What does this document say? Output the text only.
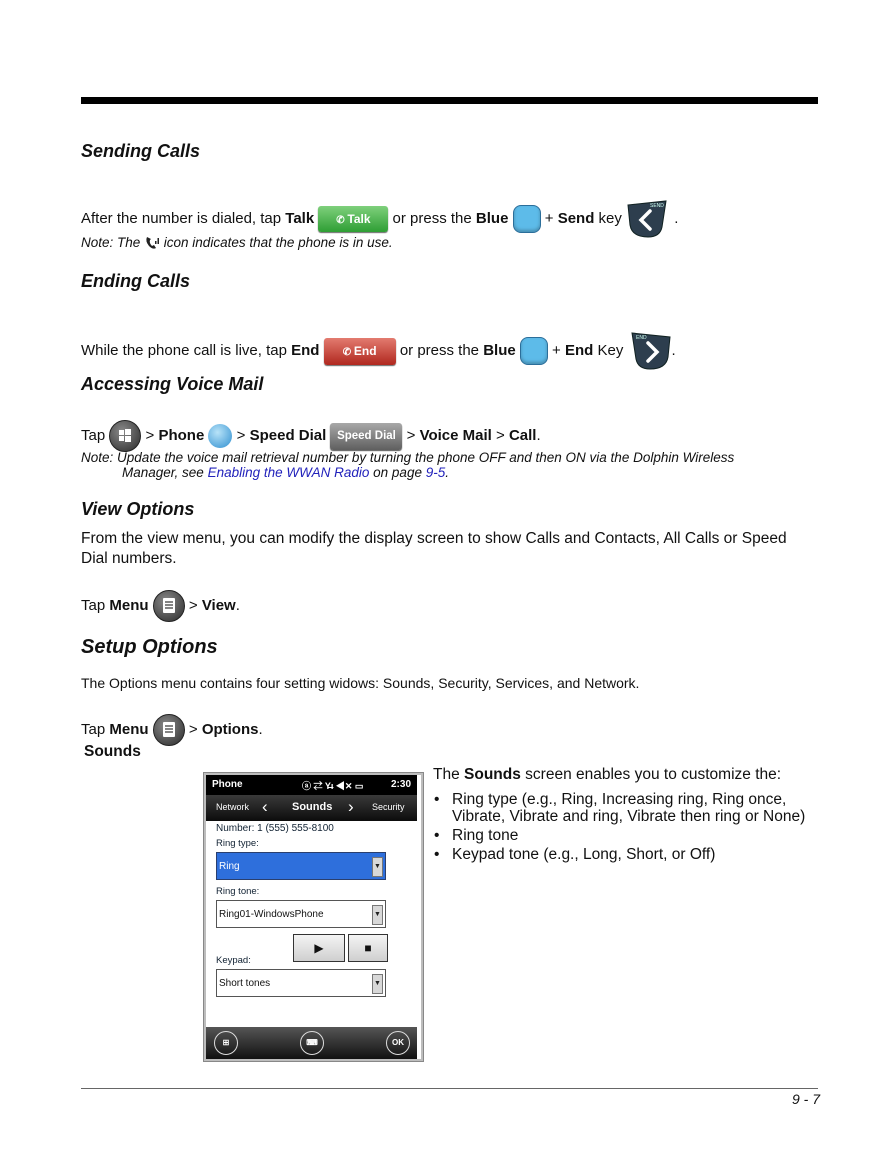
Sending Calls
After the number is dialed, tap Talk ✆ Talk or press the Blue  + Send key
SEND
.
Note: The  icon indicates that the phone is in use.
Ending Calls
While the phone call is live, tap End ✆ End or press the Blue  + End Key
END
.
Accessing Voice Mail
Tap	> Phone  > Speed Dial Speed Dial > Voice Mail > Call.
Note: Update the voice mail retrieval number by turning the phone OFF and then ON via the Dolphin Wireless
Manager, see Enabling the WWAN Radio on page 9-5.
View Options
From the view menu, you can modify the display screen to show Calls and Contacts, All Calls or Speed
Dial numbers.
Tap Menu	> View.
Setup Options
The Options menu contains four setting widows: Sounds, Security, Services, and Network.
Tap Menu	> Options.
Sounds
Phone	ⓐ ⇄ Y̶ı ◀✕ ▭	2:30
Network ‹ Sounds › Security
Number: 1 (555) 555-8100
Ring type:
Ring	▼
Ring tone:
Ring01-WindowsPhone	▼
▶	■
Keypad:
Short tones	▼
⊞	⌨	OK
The Sounds screen enables you to customize the:
• Ring type (e.g., Ring, Increasing ring, Ring once, Vibrate, Vibrate and ring, Vibrate then ring or None)
• Ring tone
• Keypad tone (e.g., Long, Short, or Off)
9 - 7
